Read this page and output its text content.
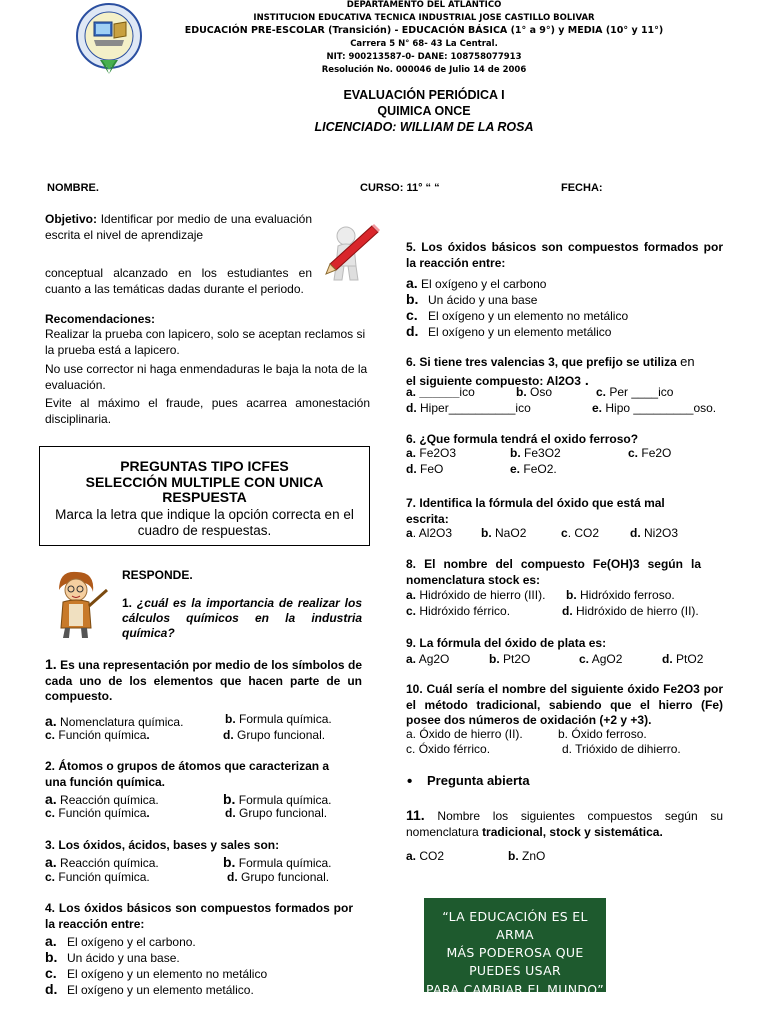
DEPARTAMENTO DEL ATLANTICO
INSTITUCION EDUCATIVA TECNICA INDUSTRIAL JOSE CASTILLO BOLIVAR
EDUCACIÓN PRE-ESCOLAR (Transición) - EDUCACIÓN BÁSICA (1° a 9°) y MEDIA (10° y 11°)
Carrera 5 N° 68- 43 La Central.
NIT: 900213587-0- DANE: 108758077913
Resolución No. 000046 de Julio 14 de 2006
EVALUACIÓN PERIÓDICA I
QUIMICA ONCE
LICENCIADO: WILLIAM DE LA ROSA
NOMBRE.	CURSO: 11° “ “	FECHA:
Objetivo: Identificar por medio de una evaluación escrita el nivel de aprendizaje
conceptual alcanzado en los estudiantes en cuanto a las temáticas dadas durante el periodo.
Recomendaciones:
Realizar la prueba con lapicero, solo se aceptan reclamos si la prueba está a lapicero.
No use corrector ni haga enmendaduras le baja la nota de la evaluación.
Evite al máximo el fraude, pues acarrea amonestación disciplinaria.
PREGUNTAS TIPO ICFES
SELECCIÓN MULTIPLE CON UNICA
RESPUESTA
Marca la letra que indique la opción correcta en el cuadro de respuestas.
RESPONDE.
1. ¿cuál es la importancia de realizar los cálculos químicos en la industria química?
1. Es una representación por medio de los símbolos de cada uno de los elementos que hacen parte de un compuesto.
a. Nomenclatura química.	b. Formula química.
c. Función química.	d. Grupo funcional.
2. Átomos o grupos de átomos que caracterizan a una función química.
a. Reacción química.	b. Formula química.
c. Función química.	d. Grupo funcional.
3. Los óxidos, ácidos, bases y sales son:
a. Reacción química.	b. Formula química.
c. Función química.	d. Grupo funcional.
4. Los óxidos básicos son compuestos formados por la reacción entre:
a. El oxígeno y el carbono.
b. Un ácido y una base.
c. El oxígeno y un elemento no metálico
d. El oxígeno y un elemento metálico.
5. Los óxidos básicos son compuestos formados por la reacción entre:
a. El oxígeno y el carbono
b. Un ácido y una base
c. El oxígeno y un elemento no metálico
d. El oxígeno y un elemento metálico
6. Si tiene tres valencias 3, que prefijo se utiliza en
el siguiente compuesto: Al2O3 .
a. ______ico	b. Oso	c. Per ____ico
d. Hiper__________ico	e. Hipo _________oso.
6. ¿Que formula tendrá el oxido ferroso?
a. Fe2O3	b. Fe3O2	c. Fe2O
d. FeO	e. FeO2.
7. Identifica la fórmula del óxido que está mal escrita:
a. Al2O3 b. NaO2	c. CO2	d. Ni2O3
8. El nombre del compuesto Fe(OH)3 según la nomenclatura stock es:
a. Hidróxido de hierro (III). b. Hidróxido ferroso.
c. Hidróxido férrico.	d. Hidróxido de hierro (II).
9. La fórmula del óxido de plata es:
a. Ag2O	b. Pt2O	c. AgO2	d. PtO2
10. Cuál sería el nombre del siguiente óxido Fe2O3 por el método tradicional, sabiendo que el hierro (Fe) posee dos números de oxidación (+2 y +3).
a. Óxido de hierro (II).	b. Óxido ferroso.
c. Óxido férrico.	d. Trióxido de dihierro.
• Pregunta abierta
11. Nombre los siguientes compuestos según su nomenclatura tradicional, stock y sistemática.
a. CO2	b. ZnO
“LA EDUCACIÓN ES EL ARMA
MÁS PODEROSA QUE
PUEDES USAR
PARA CAMBIAR EL MUNDO”
